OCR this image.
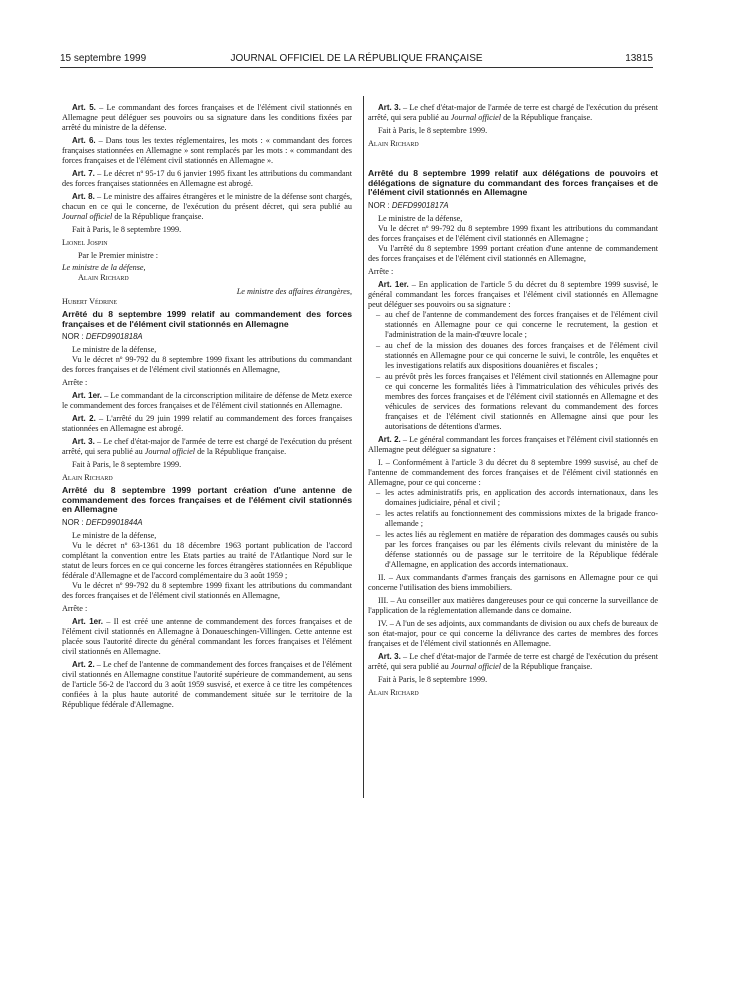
15 septembre 1999	JOURNAL OFFICIEL DE LA RÉPUBLIQUE FRANÇAISE	13815

Art. 5. – Le commandant des forces françaises et de l'élément civil stationnés en Allemagne peut déléguer ses pouvoirs ou sa signature dans les conditions fixées par arrêté du ministre de la défense.

Art. 6. – Dans tous les textes réglementaires, les mots : « commandant des forces françaises stationnées en Allemagne » sont remplacés par les mots : « commandant des forces françaises et de l'élément civil stationnés en Allemagne ».

Art. 7. – Le décret nº 95-17 du 6 janvier 1995 fixant les attributions du commandant des forces françaises stationnées en Allemagne est abrogé.

Art. 8. – Le ministre des affaires étrangères et le ministre de la défense sont chargés, chacun en ce qui le concerne, de l'exécution du présent décret, qui sera publié au Journal officiel de la République française.

Fait à Paris, le 8 septembre 1999.

Lionel Jospin

Par le Premier ministre :

Le ministre de la défense,

Alain Richard

Le ministre des affaires étrangères,

Hubert Védrine

Arrêté du 8 septembre 1999 relatif au commandement des forces françaises et de l'élément civil stationnés en Allemagne

NOR : DEFD9901818A

Le ministre de la défense,

Vu le décret nº 99-792 du 8 septembre 1999 fixant les attributions du commandant des forces françaises et de l'élément civil stationnés en Allemagne,

Arrête :

Art. 1er. – Le commandant de la circonscription militaire de défense de Metz exerce le commandement des forces françaises et de l'élément civil stationnés en Allemagne.

Art. 2. – L'arrêté du 29 juin 1999 relatif au commandement des forces françaises stationnées en Allemagne est abrogé.

Art. 3. – Le chef d'état-major de l'armée de terre est chargé de l'exécution du présent arrêté, qui sera publié au Journal officiel de la République française.

Fait à Paris, le 8 septembre 1999.

Alain Richard

Arrêté du 8 septembre 1999 portant création d'une antenne de commandement des forces françaises et de l'élément civil stationnés en Allemagne

NOR : DEFD9901844A

Le ministre de la défense,

Vu le décret nº 63-1361 du 18 décembre 1963 portant publication de l'accord complétant la convention entre les Etats parties au traité de l'Atlantique Nord sur le statut de leurs forces en ce qui concerne les forces étrangères stationnées en République fédérale d'Allemagne et de l'accord complémentaire du 3 août 1959 ;

Vu le décret nº 99-792 du 8 septembre 1999 fixant les attributions du commandant des forces françaises et de l'élément civil stationnés en Allemagne,

Arrête :

Art. 1er. – Il est créé une antenne de commandement des forces françaises et de l'élément civil stationnés en Allemagne à Donaueschingen-Villingen. Cette antenne est placée sous l'autorité directe du général commandant les forces françaises et l'élément civil stationnés en Allemagne.

Art. 2. – Le chef de l'antenne de commandement des forces françaises et de l'élément civil stationnés en Allemagne constitue l'autorité supérieure de commandement, au sens de l'article 56-2 de l'accord du 3 août 1959 susvisé, et exerce à ce titre les compétences confiées à la plus haute autorité de commandement située sur le territoire de la République fédérale d'Allemagne.

Art. 3. – Le chef d'état-major de l'armée de terre est chargé de l'exécution du présent arrêté, qui sera publié au Journal officiel de la République française.

Fait à Paris, le 8 septembre 1999.

Alain Richard

Arrêté du 8 septembre 1999 relatif aux délégations de pouvoirs et délégations de signature du commandant des forces françaises et de l'élément civil stationnés en Allemagne

NOR : DEFD9901817A

Le ministre de la défense,

Vu le décret nº 99-792 du 8 septembre 1999 fixant les attributions du commandant des forces françaises et de l'élément civil stationnés en Allemagne ;

Vu l'arrêté du 8 septembre 1999 portant création d'une antenne de commandement des forces françaises et de l'élément civil stationnés en Allemagne,

Arrête :

Art. 1er. – En application de l'article 5 du décret du 8 septembre 1999 susvisé, le général commandant les forces françaises et l'élément civil stationnés en Allemagne peut déléguer ses pouvoirs ou sa signature :

– au chef de l'antenne de commandement des forces françaises et de l'élément civil stationnés en Allemagne pour ce qui concerne le recrutement, la gestion et l'administration de la main-d'œuvre locale ;
– au chef de la mission des douanes des forces françaises et de l'élément civil stationnés en Allemagne pour ce qui concerne le suivi, le contrôle, les enquêtes et les investigations relatifs aux dispositions douanières et fiscales ;
– au prévôt près les forces françaises et l'élément civil stationnés en Allemagne pour ce qui concerne les formalités liées à l'immatriculation des véhicules privés des membres des forces françaises et de l'élément civil stationnés en Allemagne et des véhicules de services des formations relevant du commandement des forces françaises et de l'élément civil stationnés en Allemagne ainsi que pour les autorisations de détentions d'armes.

Art. 2. – Le général commandant les forces françaises et l'élément civil stationnés en Allemagne peut déléguer sa signature :

I. – Conformément à l'article 3 du décret du 8 septembre 1999 susvisé, au chef de l'antenne de commandement des forces françaises et de l'élément civil stationnés en Allemagne, pour ce qui concerne :

– les actes administratifs pris, en application des accords internationaux, dans les domaines judiciaire, pénal et civil ;
– les actes relatifs au fonctionnement des commissions mixtes de la brigade franco-allemande ;
– les actes liés au règlement en matière de réparation des dommages causés ou subis par les forces françaises ou par les éléments civils relevant du ministère de la défense stationnés ou de passage sur le territoire de la République fédérale d'Allemagne, en application des accords internationaux.

II. – Aux commandants d'armes français des garnisons en Allemagne pour ce qui concerne l'utilisation des biens immobiliers.

III. – Au conseiller aux matières dangereuses pour ce qui concerne la surveillance de l'application de la réglementation allemande dans ce domaine.

IV. – A l'un de ses adjoints, aux commandants de division ou aux chefs de bureaux de son état-major, pour ce qui concerne la délivrance des cartes de membres des forces françaises et de l'élément civil stationnés en Allemagne.

Art. 3. – Le chef d'état-major de l'armée de terre est chargé de l'exécution du présent arrêté, qui sera publié au Journal officiel de la République française.

Fait à Paris, le 8 septembre 1999.

Alain Richard
